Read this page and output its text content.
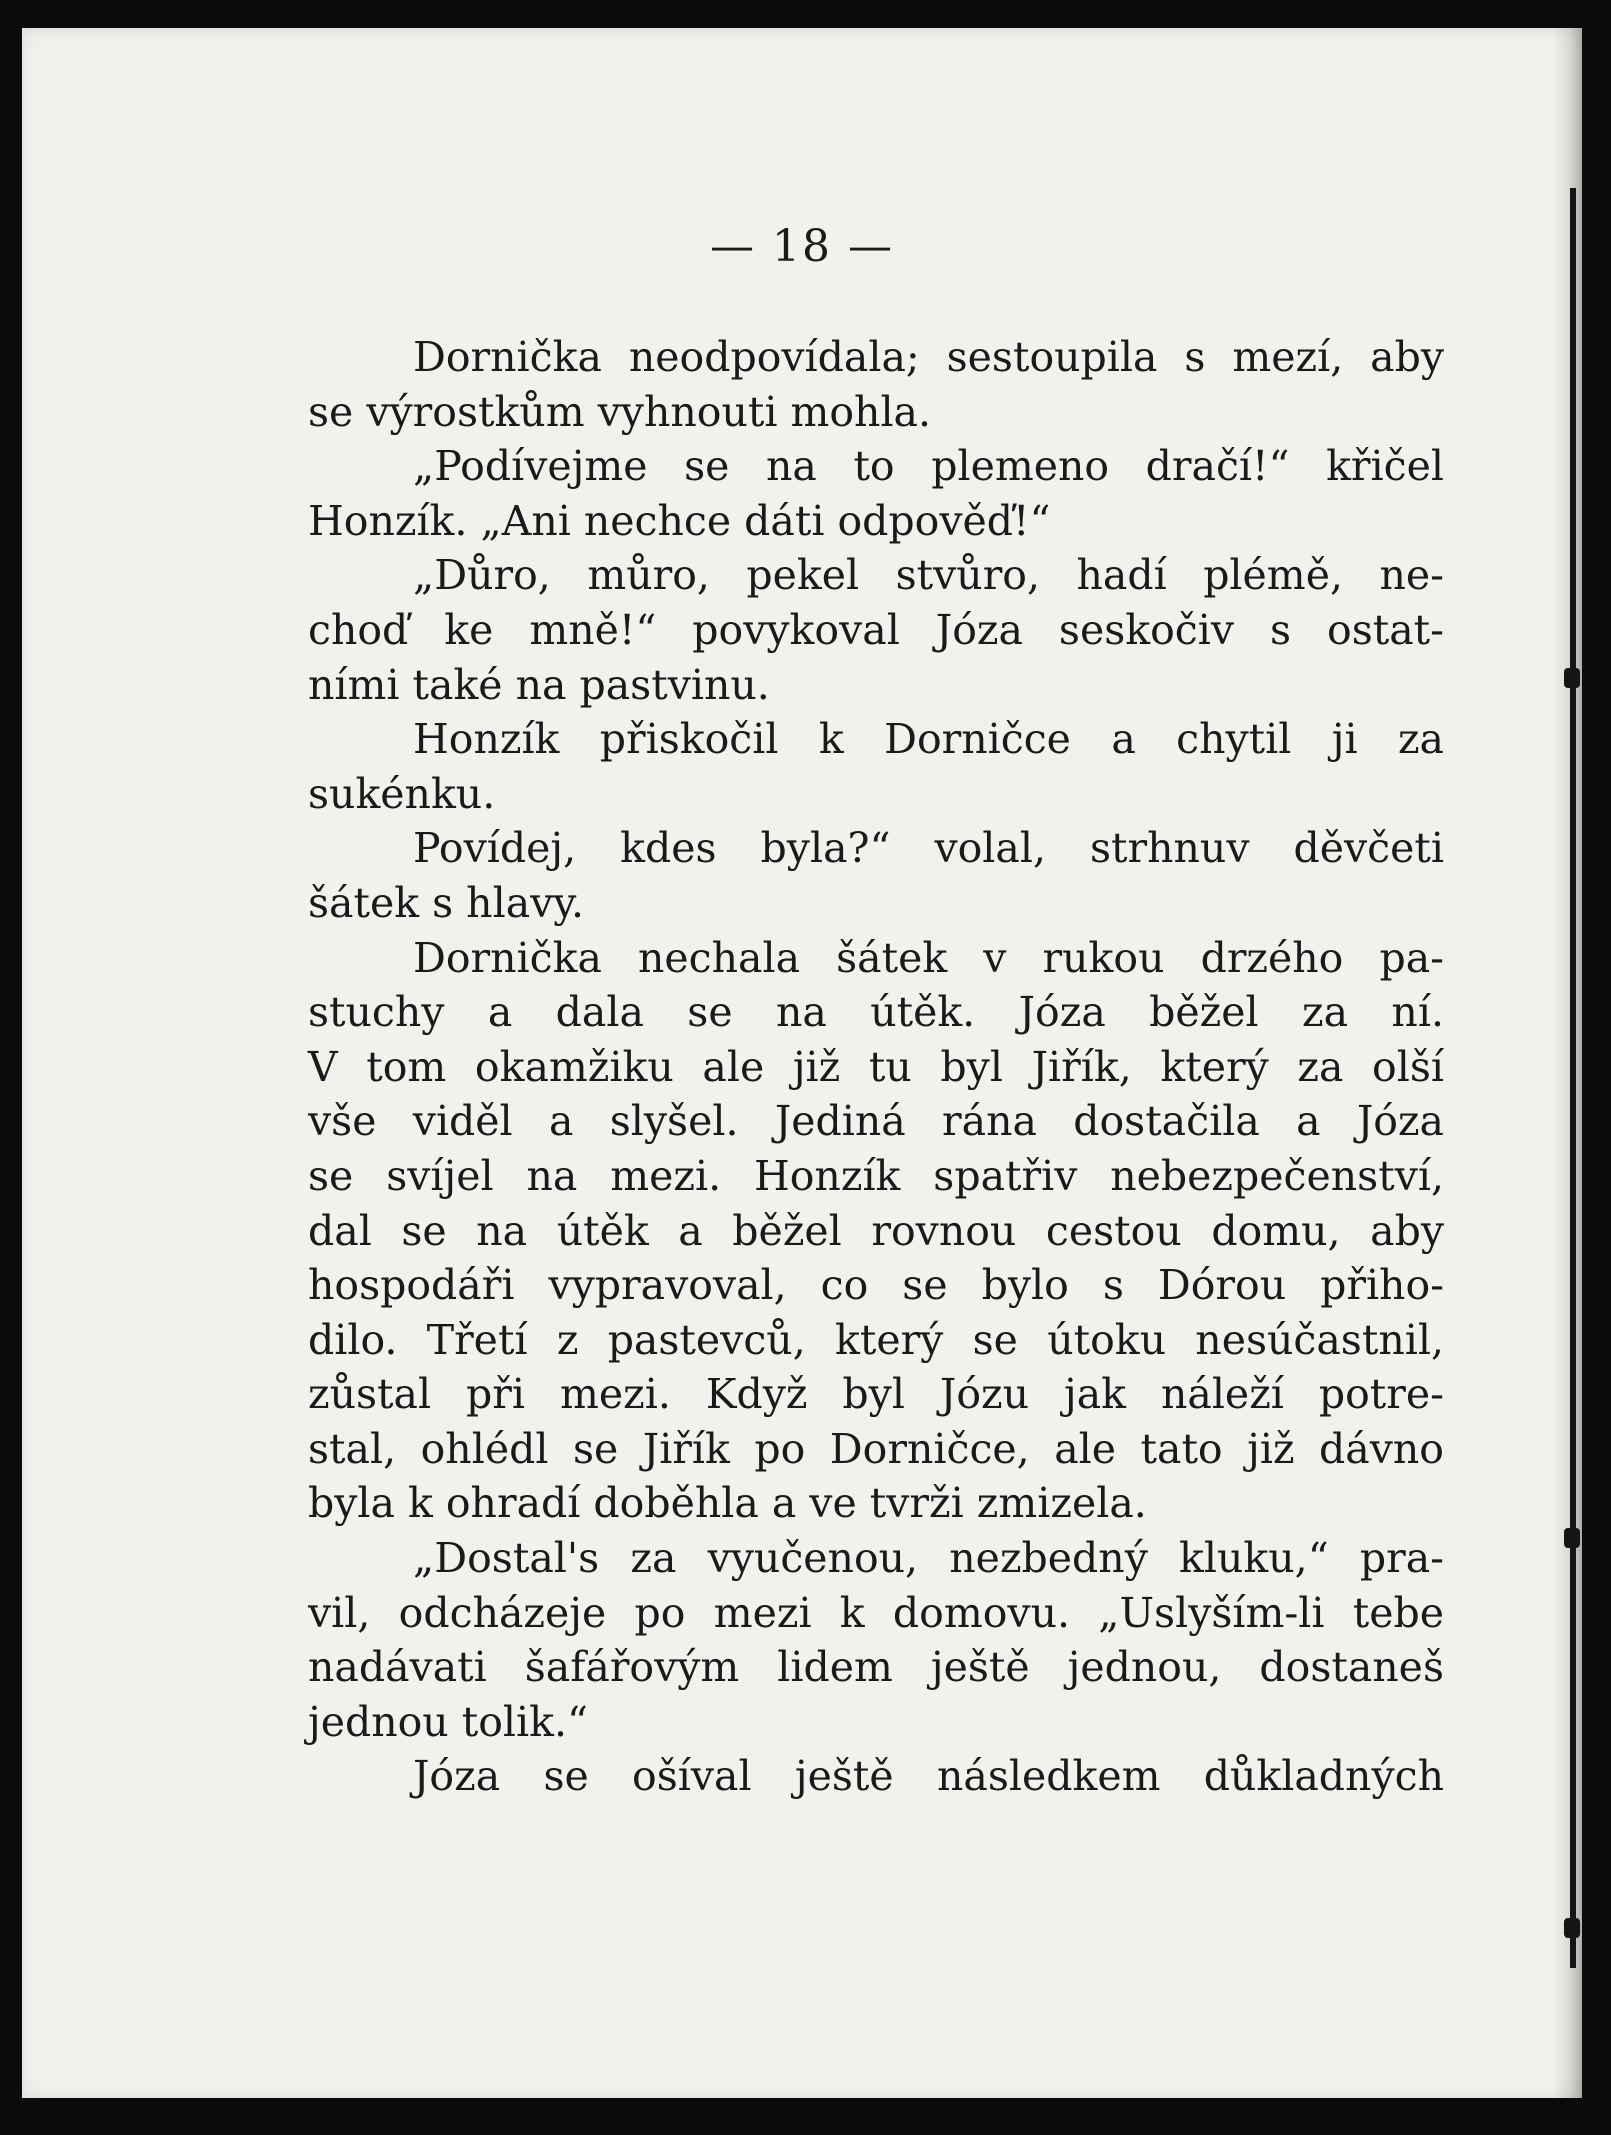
— 18 —
Dornička neodpovídala; sestoupila s mezí, aby
se výrostkům vyhnouti mohla.
„Podívejme se na to plemeno dračí!“ křičel
Honzík. „Ani nechce dáti odpověď!“
„Důro, můro, pekel stvůro, hadí plémě, ne-
choď ke mně!“ povykoval Józa seskočiv s ostat-
ními také na pastvinu.
Honzík přiskočil k Dorničce a chytil ji za
sukénku.
Povídej, kdes byla?“ volal, strhnuv děvčeti
šátek s hlavy.
Dornička nechala šátek v rukou drzého pa-
stuchy a dala se na útěk. Józa běžel za ní.
V tom okamžiku ale již tu byl Jiřík, který za olší
vše viděl a slyšel. Jediná rána dostačila a Józa
se svíjel na mezi. Honzík spatřiv nebezpečenství,
dal se na útěk a běžel rovnou cestou domu, aby
hospodáři vypravoval, co se bylo s Dórou přiho-
dilo. Třetí z pastevců, který se útoku nesúčastnil,
zůstal při mezi. Když byl Józu jak náleží potre-
stal, ohlédl se Jiřík po Dorničce, ale tato již dávno
byla k ohradí doběhla a ve tvrži zmizela.
„Dostal's za vyučenou, nezbedný kluku,“ pra-
vil, odcházeje po mezi k domovu. „Uslyším-li tebe
nadávati šafářovým lidem ještě jednou, dostaneš
jednou tolik.“
Józa se ošíval ještě následkem důkladných
